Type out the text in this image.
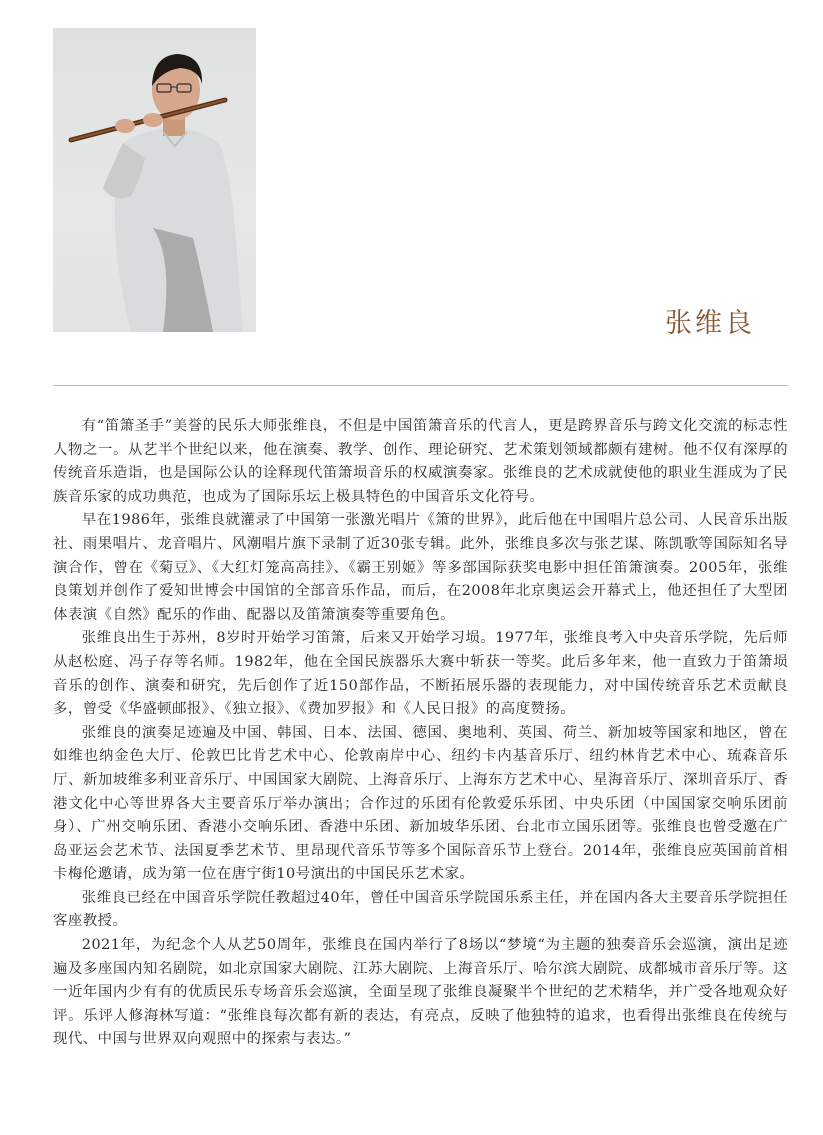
张维良

有“笛箫圣手”美誉的民乐大师张维良，不但是中国笛箫音乐的代言人，更是跨界音乐与跨文化交流的标志性人物之一。从艺半个世纪以来，他在演奏、教学、创作、理论研究、艺术策划领域都颇有建树。他不仅有深厚的传统音乐造诣，也是国际公认的诠释现代笛箫埙音乐的权威演奏家。张维良的艺术成就使他的职业生涯成为了民族音乐家的成功典范，也成为了国际乐坛上极具特色的中国音乐文化符号。

早在1986年，张维良就灌录了中国第一张激光唱片《箫的世界》，此后他在中国唱片总公司、人民音乐出版社、雨果唱片、龙音唱片、风潮唱片旗下录制了近30张专辑。此外，张维良多次与张艺谋、陈凯歌等国际知名导演合作，曾在《菊豆》、《大红灯笼高高挂》、《霸王别姬》等多部国际获奖电影中担任笛箫演奏。2005年，张维良策划并创作了爱知世博会中国馆的全部音乐作品，而后，在2008年北京奥运会开幕式上，他还担任了大型团体表演《自然》配乐的作曲、配器以及笛箫演奏等重要角色。

张维良出生于苏州，8岁时开始学习笛箫，后来又开始学习埙。1977年，张维良考入中央音乐学院，先后师从赵松庭、冯子存等名师。1982年，他在全国民族器乐大赛中斩获一等奖。此后多年来，他一直致力于笛箫埙音乐的创作、演奏和研究，先后创作了近150部作品，不断拓展乐器的表现能力，对中国传统音乐艺术贡献良多，曾受《华盛顿邮报》、《独立报》、《费加罗报》和《人民日报》的高度赞扬。

张维良的演奏足迹遍及中国、韩国、日本、法国、德国、奥地利、英国、荷兰、新加坡等国家和地区，曾在如维也纳金色大厅、伦敦巴比肯艺术中心、伦敦南岸中心、纽约卡内基音乐厅、纽约林肯艺术中心、琉森音乐厅、新加坡维多利亚音乐厅、中国国家大剧院、上海音乐厅、上海东方艺术中心、星海音乐厅、深圳音乐厅、香港文化中心等世界各大主要音乐厅举办演出；合作过的乐团有伦敦爱乐乐团、中央乐团（中国国家交响乐团前身）、广州交响乐团、香港小交响乐团、香港中乐团、新加坡华乐团、台北市立国乐团等。张维良也曾受邀在广岛亚运会艺术节、法国夏季艺术节、里昂现代音乐节等多个国际音乐节上登台。2014年，张维良应英国前首相卡梅伦邀请，成为第一位在唐宁街10号演出的中国民乐艺术家。

张维良已经在中国音乐学院任教超过40年，曾任中国音乐学院国乐系主任，并在国内各大主要音乐学院担任客座教授。

2021年，为纪念个人从艺50周年，张维良在国内举行了8场以“梦境“为主题的独奏音乐会巡演，演出足迹遍及多座国内知名剧院，如北京国家大剧院、江苏大剧院、上海音乐厅、哈尔滨大剧院、成都城市音乐厅等。这一近年国内少有有的优质民乐专场音乐会巡演，全面呈现了张维良凝聚半个世纪的艺术精华，并广受各地观众好评。乐评人修海林写道：“张维良每次都有新的表达，有亮点，反映了他独特的追求，也看得出张维良在传统与现代、中国与世界双向观照中的探索与表达。”
